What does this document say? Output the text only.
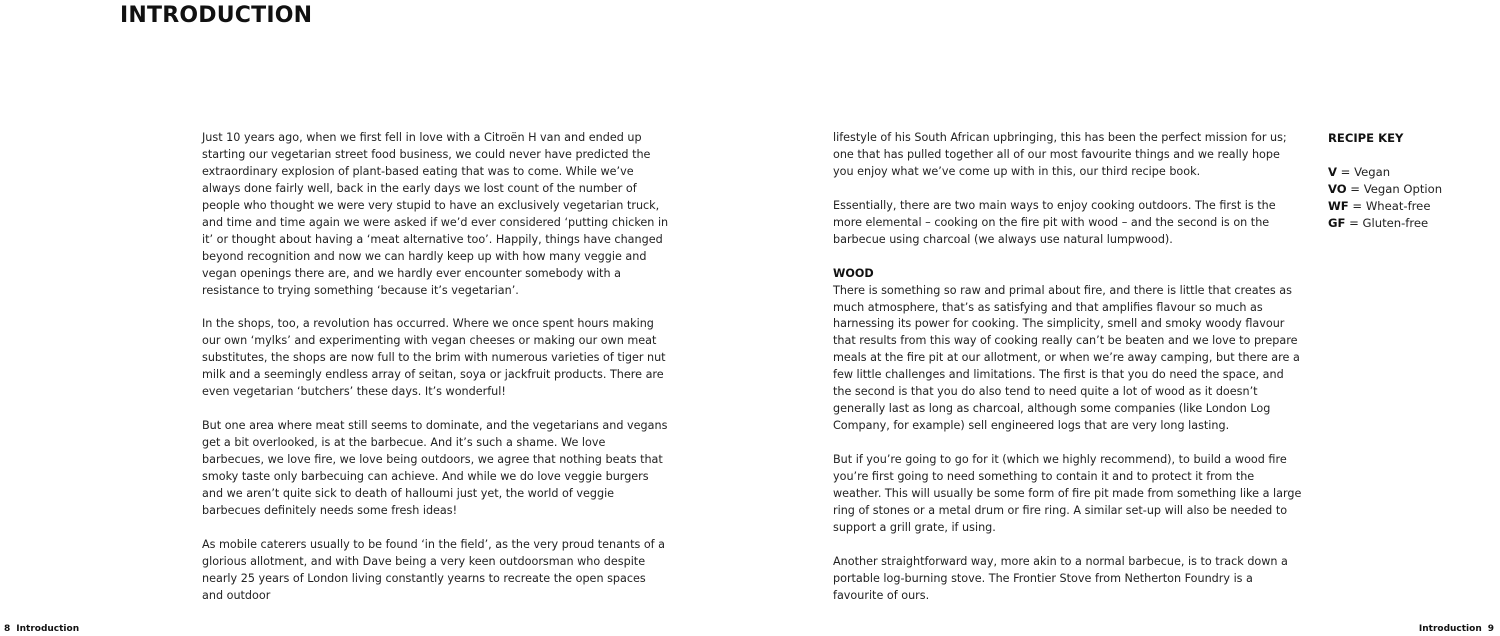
INTRODUCTION

Just 10 years ago, when we first fell in love with a Citroën H van and ended up starting our vegetarian street food business, we could never have predicted the extraordinary explosion of plant-based eating that was to come. While we’ve always done fairly well, back in the early days we lost count of the number of people who thought we were very stupid to have an exclusively vegetarian truck, and time and time again we were asked if we’d ever considered ‘putting chicken in it’ or thought about having a ‘meat alternative too’. Happily, things have changed beyond recognition and now we can hardly keep up with how many veggie and vegan openings there are, and we hardly ever encounter somebody with a resistance to trying something ‘because it’s vegetarian’.

In the shops, too, a revolution has occurred. Where we once spent hours making our own ‘mylks’ and experimenting with vegan cheeses or making our own meat substitutes, the shops are now full to the brim with numerous varieties of tiger nut milk and a seemingly endless array of seitan, soya or jackfruit products. There are even vegetarian ‘butchers’ these days. It’s wonderful!

But one area where meat still seems to dominate, and the vegetarians and vegans get a bit overlooked, is at the barbecue. And it’s such a shame. We love barbecues, we love fire, we love being outdoors, we agree that nothing beats that smoky taste only barbecuing can achieve. And while we do love veggie burgers and we aren’t quite sick to death of halloumi just yet, the world of veggie barbecues definitely needs some fresh ideas!

As mobile caterers usually to be found ‘in the field’, as the very proud tenants of a glorious allotment, and with Dave being a very keen outdoorsman who despite nearly 25 years of London living constantly yearns to recreate the open spaces and outdoor

lifestyle of his South African upbringing, this has been the perfect mission for us; one that has pulled together all of our most favourite things and we really hope you enjoy what we’ve come up with in this, our third recipe book.

Essentially, there are two main ways to enjoy cooking outdoors. The first is the more elemental – cooking on the fire pit with wood – and the second is on the barbecue using charcoal (we always use natural lumpwood).

WOOD

There is something so raw and primal about fire, and there is little that creates as much atmosphere, that’s as satisfying and that amplifies flavour so much as harnessing its power for cooking. The simplicity, smell and smoky woody flavour that results from this way of cooking really can’t be beaten and we love to prepare meals at the fire pit at our allotment, or when we’re away camping, but there are a few little challenges and limitations. The first is that you do need the space, and the second is that you do also tend to need quite a lot of wood as it doesn’t generally last as long as charcoal, although some companies (like London Log Company, for example) sell engineered logs that are very long lasting.

But if you’re going to go for it (which we highly recommend), to build a wood fire you’re first going to need something to contain it and to protect it from the weather. This will usually be some form of fire pit made from something like a large ring of stones or a metal drum or fire ring. A similar set-up will also be needed to support a grill grate, if using.

Another straightforward way, more akin to a normal barbecue, is to track down a portable log-burning stove. The Frontier Stove from Netherton Foundry is a favourite of ours.

RECIPE KEY
V = Vegan
VO = Vegan Option
WF = Wheat-free
GF = Gluten-free
8 Introduction	Introduction 9
